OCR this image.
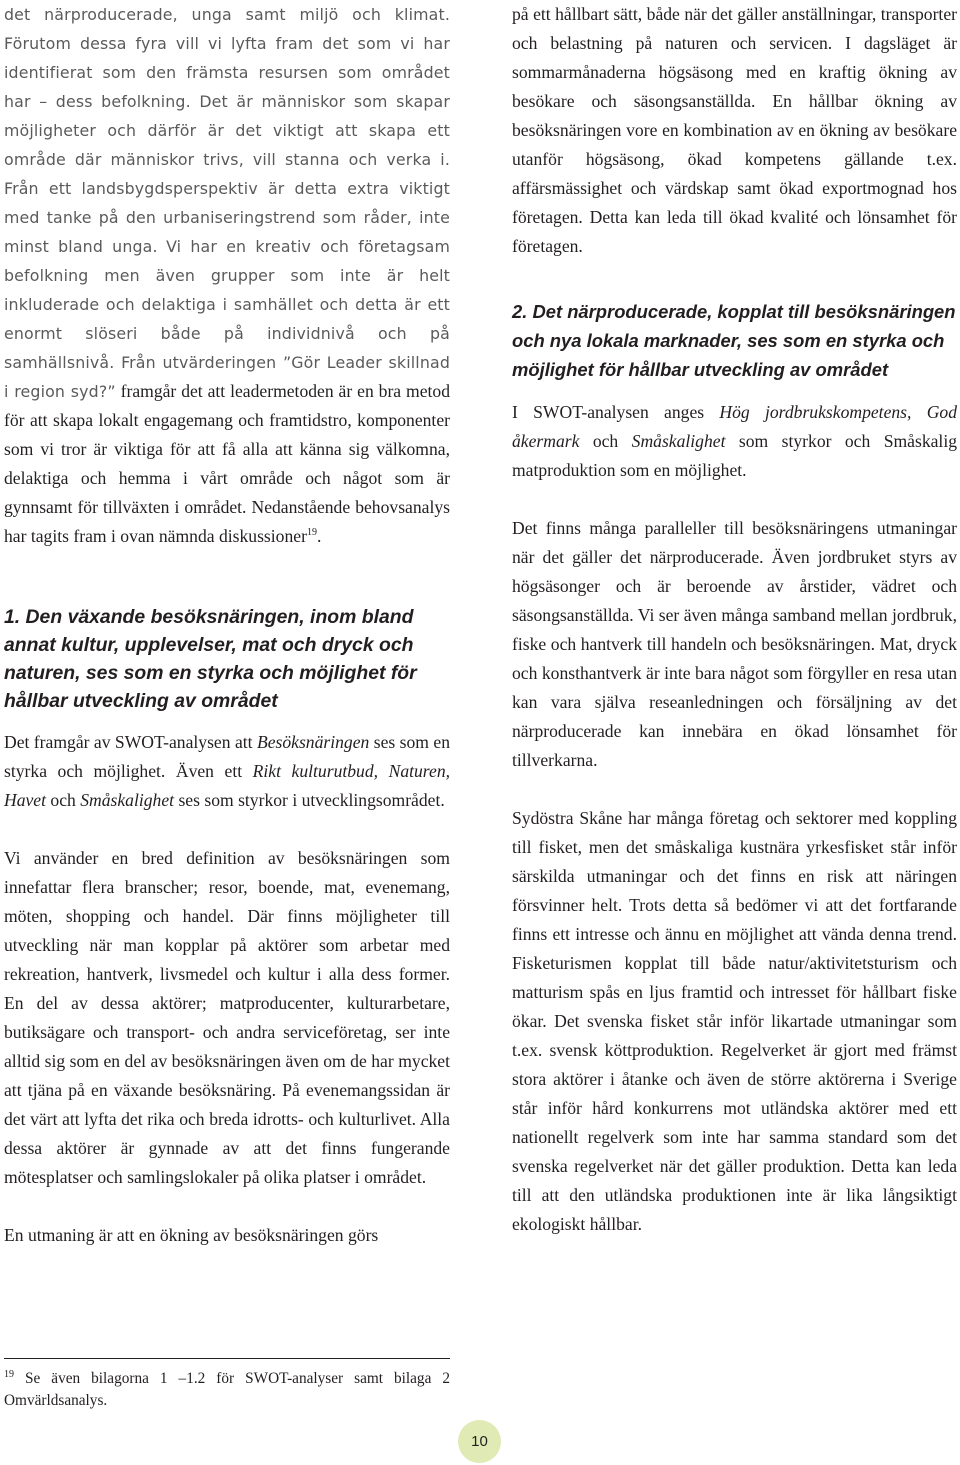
det närproducerade, unga samt miljö och klimat. Förutom dessa fyra vill vi lyfta fram det som vi har identifierat som den främsta resursen som området har – dess befolkning. Det är människor som skapar möjligheter och därför är det viktigt att skapa ett område där människor trivs, vill stanna och verka i. Från ett landsbygdsperspektiv är detta extra viktigt med tanke på den urbaniseringstrend som råder, inte minst bland unga. Vi har en kreativ och företagsam befolkning men även grupper som inte är helt inkluderade och delaktiga i samhället och detta är ett enormt slöseri både på individnivå och på samhällsnivå. Från utvärderingen ”Gör Leader skillnad i region syd?” framgår det att leadermetoden är en bra metod för att skapa lokalt engagemang och framtidstro, komponenter som vi tror är viktiga för att få alla att känna sig välkomna, delaktiga och hemma i vårt område och något som är gynnsamt för tillväxten i området. Nedanstående behovsanalys har tagits fram i ovan nämnda diskussioner$^{19}$.

1. Den växande besöksnäringen, inom bland annat kultur, upplevelser, mat och dryck och naturen, ses som en styrka och möjlighet för hållbar utveckling av området

Det framgår av SWOT-analysen att Besöksnäringen ses som en styrka och möjlighet. Även ett Rikt kulturutbud, Naturen, Havet och Småskalighet ses som styrkor i utvecklingsområdet.

Vi använder en bred definition av besöksnäringen som innefattar flera branscher; resor, boende, mat, evenemang, möten, shopping och handel. Där finns möjligheter till utveckling när man kopplar på aktörer som arbetar med rekreation, hantverk, livsmedel och kultur i alla dess former. En del av dessa aktörer; matproducenter, kulturarbetare, butiksägare och transport- och andra serviceföretag, ser inte alltid sig som en del av besöksnäringen även om de har mycket att tjäna på en växande besöksnäring. På evenemangssidan är det värt att lyfta det rika och breda idrotts- och kulturlivet. Alla dessa aktörer är gynnade av att det finns fungerande mötesplatser och samlingslokaler på olika platser i området.

En utmaning är att en ökning av besöksnäringen görs

$^{19}$ Se även bilagorna 1 –1.2 för SWOT-analyser samt bilaga 2 Omvärldsanalys.

på ett hållbart sätt, både när det gäller anställningar, transporter och belastning på naturen och servicen. I dagsläget är sommarmånaderna högsäsong med en kraftig ökning av besökare och säsongsanställda. En hållbar ökning av besöksnäringen vore en kombination av en ökning av besökare utanför högsäsong, ökad kompetens gällande t.ex. affärsmässighet och värdskap samt ökad exportmognad hos företagen. Detta kan leda till ökad kvalité och lönsamhet för företagen.

2. Det närproducerade, kopplat till besöksnäringen och nya lokala marknader, ses som en styrka och möjlighet för hållbar utveckling av området

I SWOT-analysen anges Hög jordbrukskompetens, God åkermark och Småskalighet som styrkor och Småskalig matproduktion som en möjlighet.

Det finns många paralleller till besöksnäringens utmaningar när det gäller det närproducerade. Även jordbruket styrs av högsäsonger och är beroende av årstider, vädret och säsongsanställda. Vi ser även många samband mellan jordbruk, fiske och hantverk till handeln och besöksnäringen. Mat, dryck och konsthantverk är inte bara något som förgyller en resa utan kan vara själva reseanledningen och försäljning av det närproducerade kan innebära en ökad lönsamhet för tillverkarna.

Sydöstra Skåne har många företag och sektorer med koppling till fisket, men det småskaliga kustnära yrkesfisket står inför särskilda utmaningar och det finns en risk att näringen försvinner helt. Trots detta så bedömer vi att det fortfarande finns ett intresse och ännu en möjlighet att vända denna trend. Fisketurismen kopplat till både natur/aktivitetsturism och matturism spås en ljus framtid och intresset för hållbart fiske ökar. Det svenska fisket står inför likartade utmaningar som t.ex. svensk köttproduktion. Regelverket är gjort med främst stora aktörer i åtanke och även de större aktörerna i Sverige står inför hård konkurrens mot utländska aktörer med ett nationellt regelverk som inte har samma standard som det svenska regelverket när det gäller produktion. Detta kan leda till att den utländska produktionen inte är lika långsiktigt ekologiskt hållbar.

10
